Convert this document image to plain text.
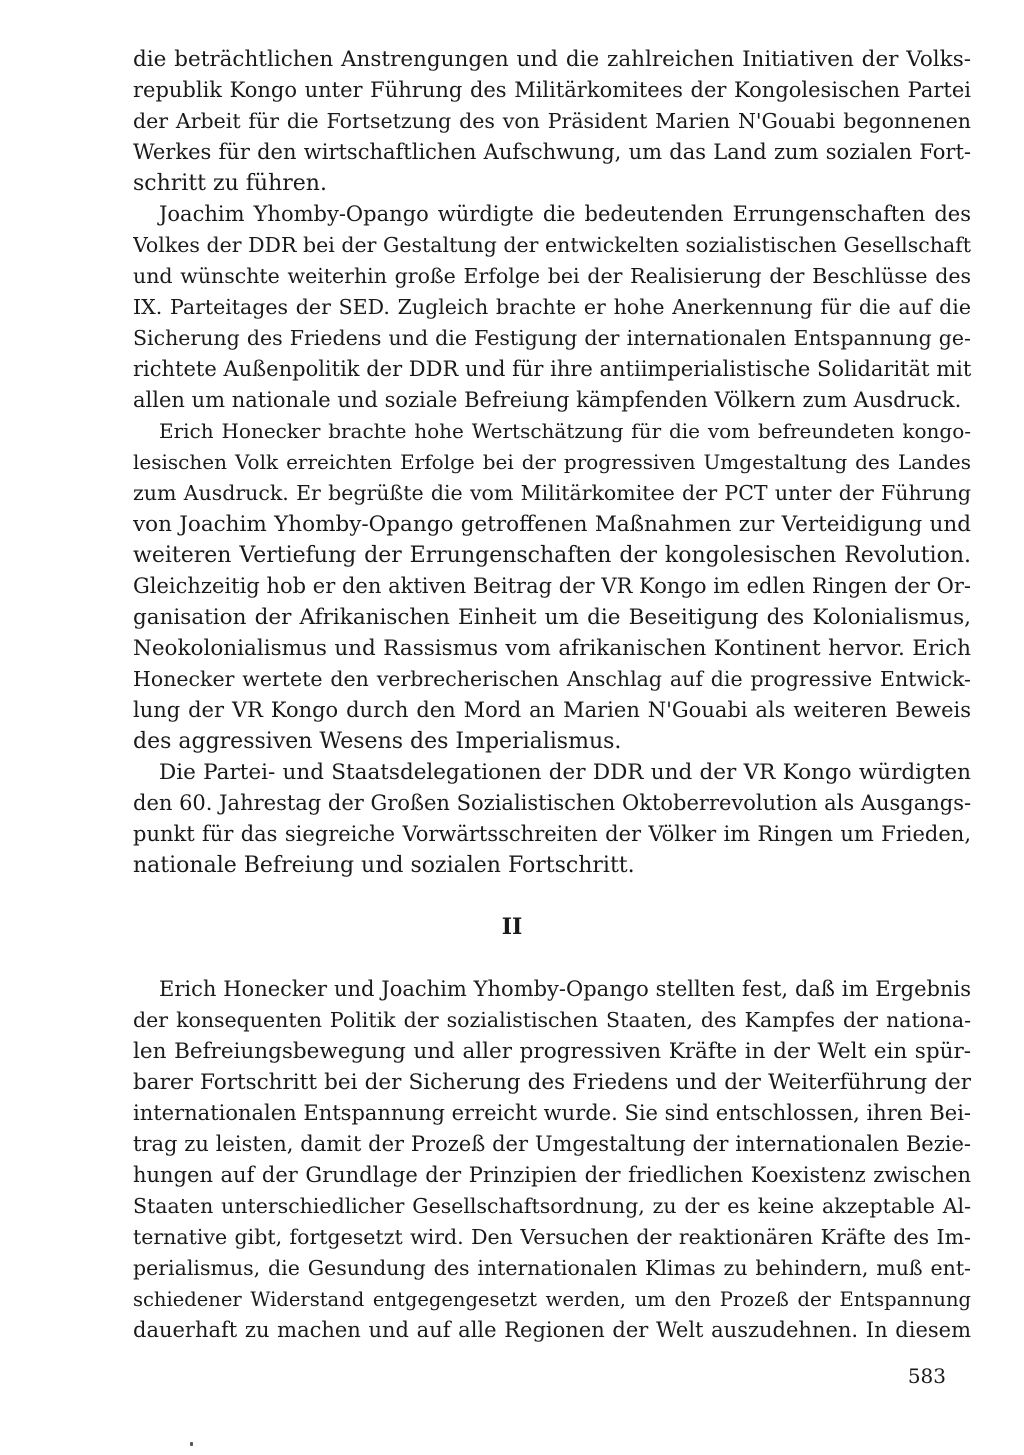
die beträchtlichen Anstrengungen und die zahlreichen Initiativen der Volks-
republik Kongo unter Führung des Militärkomitees der Kongolesischen Partei
der Arbeit für die Fortsetzung des von Präsident Marien N'Gouabi begonnenen
Werkes für den wirtschaftlichen Aufschwung, um das Land zum sozialen Fort-
schritt zu führen.
Joachim Yhomby-Opango würdigte die bedeutenden Errungenschaften des
Volkes der DDR bei der Gestaltung der entwickelten sozialistischen Gesellschaft
und wünschte weiterhin große Erfolge bei der Realisierung der Beschlüsse des
IX. Parteitages der SED. Zugleich brachte er hohe Anerkennung für die auf die
Sicherung des Friedens und die Festigung der internationalen Entspannung ge-
richtete Außenpolitik der DDR und für ihre antiimperialistische Solidarität mit
allen um nationale und soziale Befreiung kämpfenden Völkern zum Ausdruck.
Erich Honecker brachte hohe Wertschätzung für die vom befreundeten kongo-
lesischen Volk erreichten Erfolge bei der progressiven Umgestaltung des Landes
zum Ausdruck. Er begrüßte die vom Militärkomitee der PCT unter der Führung
von Joachim Yhomby-Opango getroffenen Maßnahmen zur Verteidigung und
weiteren Vertiefung der Errungenschaften der kongolesischen Revolution.
Gleichzeitig hob er den aktiven Beitrag der VR Kongo im edlen Ringen der Or-
ganisation der Afrikanischen Einheit um die Beseitigung des Kolonialismus,
Neokolonialismus und Rassismus vom afrikanischen Kontinent hervor. Erich
Honecker wertete den verbrecherischen Anschlag auf die progressive Entwick-
lung der VR Kongo durch den Mord an Marien N'Gouabi als weiteren Beweis
des aggressiven Wesens des Imperialismus.
Die Partei- und Staatsdelegationen der DDR und der VR Kongo würdigten
den 60. Jahrestag der Großen Sozialistischen Oktoberrevolution als Ausgangs-
punkt für das siegreiche Vorwärtsschreiten der Völker im Ringen um Frieden,
nationale Befreiung und sozialen Fortschritt.
II
Erich Honecker und Joachim Yhomby-Opango stellten fest, daß im Ergebnis
der konsequenten Politik der sozialistischen Staaten, des Kampfes der nationa-
len Befreiungsbewegung und aller progressiven Kräfte in der Welt ein spür-
barer Fortschritt bei der Sicherung des Friedens und der Weiterführung der
internationalen Entspannung erreicht wurde. Sie sind entschlossen, ihren Bei-
trag zu leisten, damit der Prozeß der Umgestaltung der internationalen Bezie-
hungen auf der Grundlage der Prinzipien der friedlichen Koexistenz zwischen
Staaten unterschiedlicher Gesellschaftsordnung, zu der es keine akzeptable Al-
ternative gibt, fortgesetzt wird. Den Versuchen der reaktionären Kräfte des Im-
perialismus, die Gesundung des internationalen Klimas zu behindern, muß ent-
schiedener Widerstand entgegengesetzt werden, um den Prozeß der Entspannung
dauerhaft zu machen und auf alle Regionen der Welt auszudehnen. In diesem
583
